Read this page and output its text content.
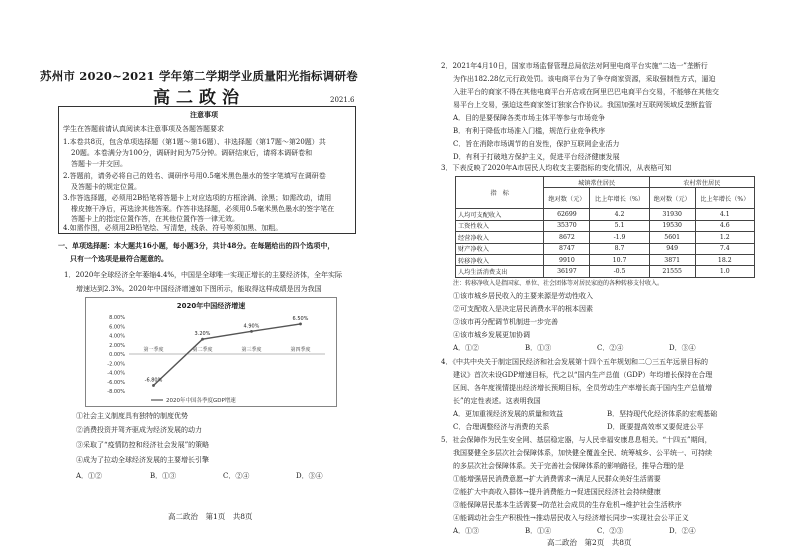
苏州市 2020~2021 学年第二学期学业质量阳光指标调研卷
高二政治	2021.6
注意事项
学生在答题前请认真阅读本注意事项及各题答题要求
1.本卷共8页，包含单项选择题（第1题～第16题）、非选择题（第17题～第20题）共
20题。本卷满分为100分，调研时间为75分钟。调研结束后，请将本调研卷和
答题卡一并交回。
2.答题前，请务必将自己的姓名、调研序号用0.5毫米黑色墨水的签字笔填写在调研卷
及答题卡的规定位置。
3.作答选择题，必须用2B铅笔将答题卡上对应选项的方框涂满、涂黑；如需改动，请用
橡皮擦干净后，再选涂其他答案。作答非选择题，必须用0.5毫米黑色墨水的签字笔在
答题卡上的指定位置作答，在其他位置作答一律无效。
4.如需作图，必须用2B铅笔绘、写清楚，线条、符号等须加黑、加粗。
一、单项选择题：本大题共16小题，每小题3分，共计48分。在每题给出的四个选项中，
只有一个选项是最符合题意的。
1．2020年全球经济全年萎缩4.4%，中国是全球唯一实现正增长的主要经济体，全年实际
增速达到2.3%。2020年中国经济增速如下图所示，能取得这样成绩是因为我国
2020年中国经济增速
8.00%
6.00%
4.00%
2.00%
0.00%
-2.00%
-4.00%
-6.00%
-8.00%
第一季度	第二季度	第三季度	第四季度
-6.80%
3.20%
4.90%
6.50%
2020年中国各季度GDP增速
①社会主义制度具有独特的制度优势
②消费投资并驾齐驱成为经济发展的动力
③采取了“疫情防控和经济社会发展”的策略
④成为了拉动全球经济发展的主要增长引擎
A．①②	B．①③	C．②④	D．③④
高二政治　第1页　共8页
2．2021年4月10日，国家市场监督管理总局依法对阿里电商平台实施“二选一”垄断行
为作出182.28亿元行政处罚。该电商平台为了争夺商家资源，采取强制性方式，逼迫
入驻平台的商家不得在其他电商平台开店或在阿里巴巴电商平台交易，不能够在其他交
易平台上交易，强迫这些商家签订独家合作协议。我国加强对互联网领域反垄断监管
A．目的是要保障各类市场主体平等参与市场竞争
B．有利于降低市场准入门槛，规范行业竞争秩序
C．旨在消除市场调节的自发性，保护互联网企业活力
D．有利于打破地方保护主义，促进平台经济健康发展
3．下表反映了2020年A市居民人均收支主要指标的变化情况，从表格可知
指　标	城镇常住居民		农村常住居民	
	绝对数（元）	比上年增长（%）	绝对数（元）	比上年增长（%）
人均可支配收入	62699	4.2	31930	4.1
工资性收入	35370	5.1	19530	4.6
经营净收入	8672	-1.9	5601	1.2
财产净收入	8747	8.7	949	7.4
转移净收入	9910	10.7	3871	18.2
人均生活消费支出	36197	-0.5	21555	1.0
注：转移净收入是指国家、单位、社会团体等对居民家庭的各种转移支付收入。
①该市城乡居民收入的主要来源是劳动性收入
②可支配收入是决定居民消费水平的根本因素
③该市再分配调节机制进一步完善
④该市城乡发展更加协调
A．①②	B．①③	C．②④	D．③④
4．《中共中央关于制定国民经济和社会发展第十四个五年规划和二〇三五年远景目标的
建议》首次未设GDP增速目标，代之以“国内生产总值（GDP）年均增长保持在合理
区间、各年度视情提出经济增长预期目标，全员劳动生产率增长高于国内生产总值增
长”的定性表述。这表明我国
A．更加重视经济发展的质量和效益	B．坚持现代化经济体系的宏观基础
C．合理调整经济与消费的关系	D．既要提高效率又要促进公平
5．社会保障作为民生安全网、基层稳定器，与人民幸福安康息息相关。“十四五”期间，
我国要健全多层次社会保障体系，加快健全覆盖全民、统筹城乡、公平统一、可持续
的多层次社会保障体系。关于完善社会保障体系的影响路径，推导合理的是
①能增强居民消费意愿→扩大消费需求→满足人民群众美好生活需要
②能扩大中高收入群体→提升消费能力→促进国民经济社会持续健康
③能保障居民基本生活需要→防范社会成员的生存危机→维护社会生活秩序
④能调动社会生产积极性→推动居民收入与经济增长同步→实现社会公平正义
A．①③	B．①④	C．②③	D．②④
高二政治　第2页　共8页
